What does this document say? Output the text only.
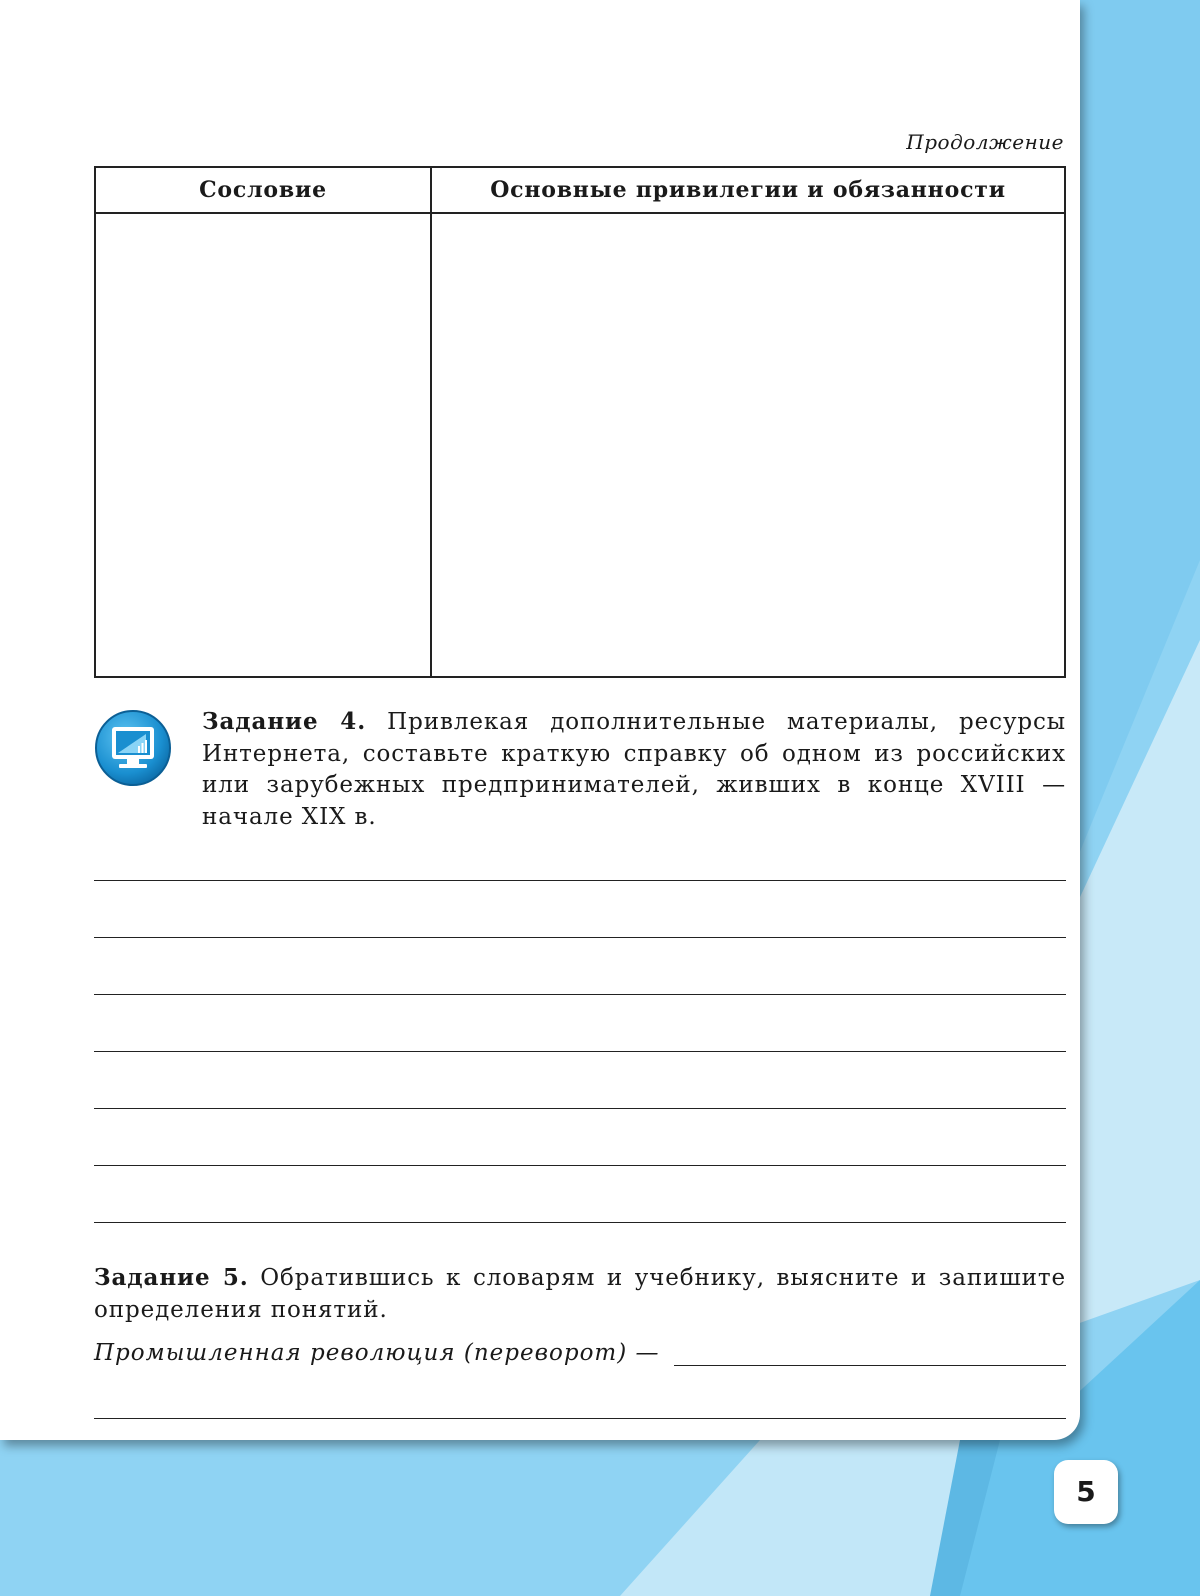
Продолжение
Сословие	Основные привилегии и обязанности

Задание 4. Привлекая дополнительные материалы, ресурсы Интернета, составьте краткую справку об одном из российских или зарубежных предпринимателей, живших в конце XVIII — начале XIX в.
Задание 5. Обратившись к словарям и учебнику, выясните и запишите определения понятий.
Промышленная революция (переворот) —
5
